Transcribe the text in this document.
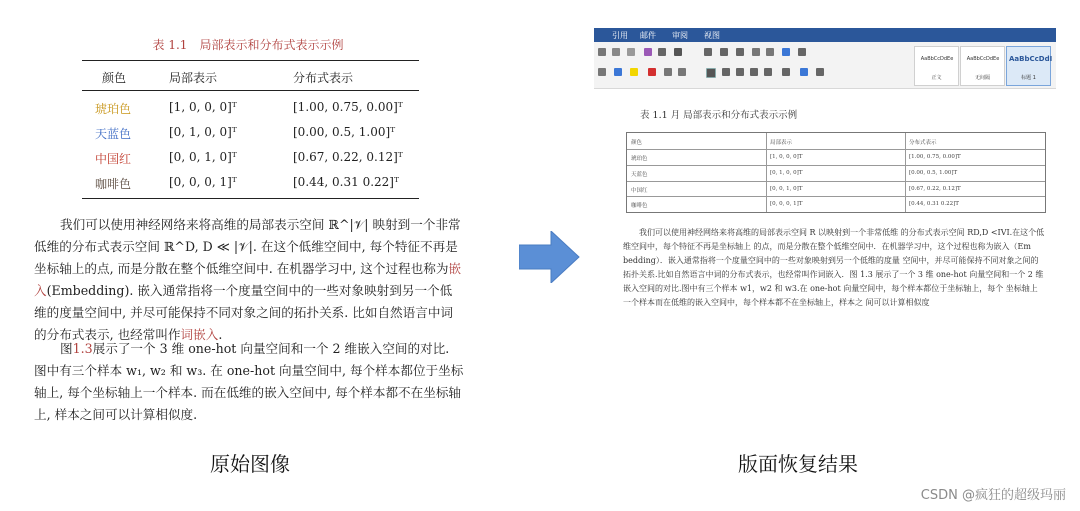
表 1.1　局部表示和分布式表示示例
颜色	局部表示	分布式表示
琥珀色	[1, 0, 0, 0]ᵀ	[1.00, 0.75, 0.00]ᵀ
天蓝色	[0, 1, 0, 0]ᵀ	[0.00, 0.5, 1.00]ᵀ
中国红	[0, 0, 1, 0]ᵀ	[0.67, 0.22, 0.12]ᵀ
咖啡色	[0, 0, 0, 1]ᵀ	[0.44, 0.31 0.22]ᵀ
我们可以使用神经网络来将高维的局部表示空间 ℝ^|𝒱| 映射到一个非常低维的分布式表示空间 ℝ^D, D ≪ |𝒱|. 在这个低维空间中, 每个特征不再是坐标轴上的点, 而是分散在整个低维空间中. 在机器学习中, 这个过程也称为嵌入(Embedding). 嵌入通常指将一个度量空间中的一些对象映射到另一个低维的度量空间中, 并尽可能保持不同对象之间的拓扑关系. 比如自然语言中词的分布式表示, 也经常叫作词嵌入.
图1.3展示了一个 3 维 one-hot 向量空间和一个 2 维嵌入空间的对比. 图中有三个样本 w₁, w₂ 和 w₃. 在 one-hot 向量空间中, 每个样本都位于坐标轴上, 每个坐标轴上一个样本. 而在低维的嵌入空间中, 每个样本都不在坐标轴上, 样本之间可以计算相似度.
引用 邮件 审阅 视图
AaBbCcDdEe
正文
AaBbCcDdEe
无间隔
AaBbCcDdI
标题 1
表 1.1 月 局部表示和分布式表示示例
颜色	局部表示	分布式表示
琥珀色	[1, 0, 0, 0]T	[1.00, 0.75, 0.00]T
天蓝色	[0, 1, 0, 0]T	[0.00, 0.5, 1.00]T
中国红	[0, 0, 1, 0]T	[0.67, 0.22, 0.12]T
咖啡色	[0, 0, 0, 1]T	[0.44, 0.31 0.22]T
我们可以使用神经网络来将高维的局部表示空间 R 以映射到一个非常低维 的分布式表示空间 RD,D <IVI.在这个低维空间中，每个特征不再是坐标轴上 的点，而是分散在整个低维空间中．在机器学习中，这个过程也称为嵌入（Em bedding）．嵌入通常指将一个度量空间中的一些对象映射到另一个低维的度量 空间中，并尽可能保持不同对象之间的拓扑关系.比如自然语言中词的分布式表示，也经常叫作词嵌入．图 1.3 展示了一个 3 维 one-hot 向量空间和一个 2 维嵌入空间的对比.图中有三个样本 w1，w2 和 w3.在 one-hot 向量空间中，每个样本都位于坐标轴上，每个 坐标轴上一个样本而在低维的嵌入空间中，每个样本都不在坐标轴上，样本之 间可以计算相似度
原始图像	版面恢复结果
CSDN @疯狂的超级玛丽
